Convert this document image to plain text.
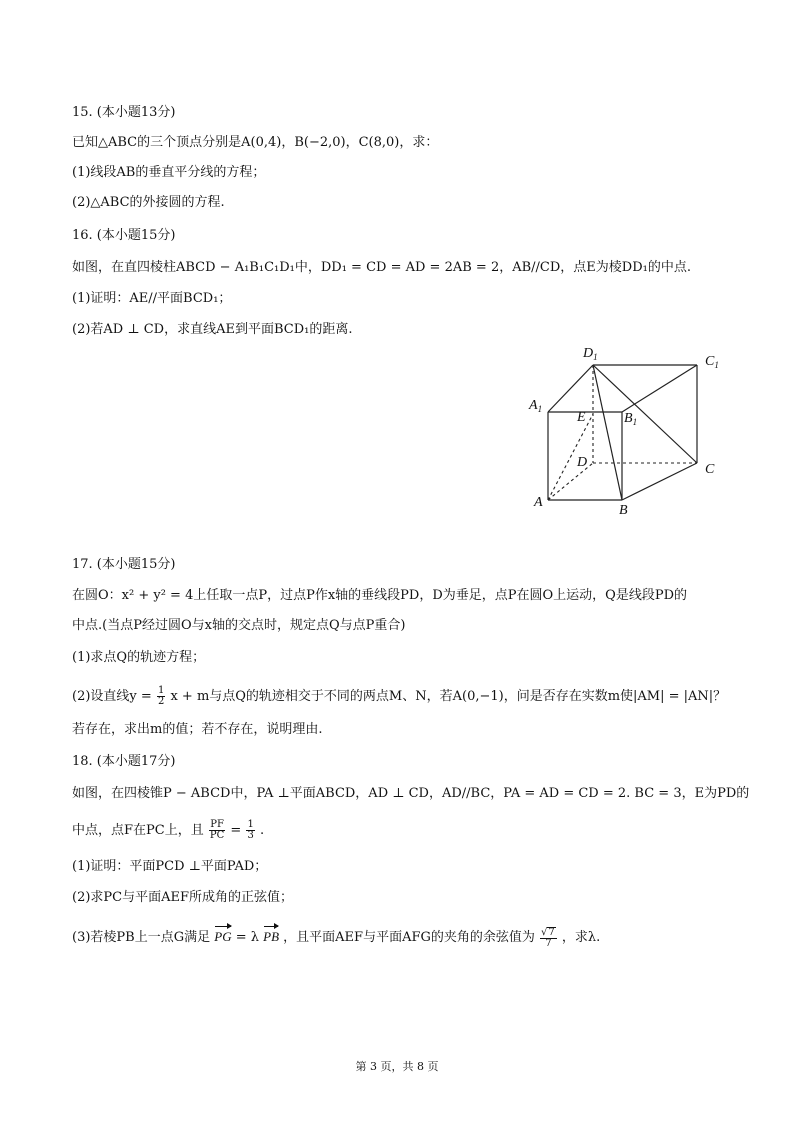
15. (本小题13分)
已知△ABC的三个顶点分别是A(0,4)，B(−2,0)，C(8,0)，求：
(1)线段AB的垂直平分线的方程；
(2)△ABC的外接圆的方程.
16. (本小题15分)
如图，在直四棱柱ABCD − A₁B₁C₁D₁中，DD₁ = CD = AD = 2AB = 2，AB//CD，点E为棱DD₁的中点.
(1)证明：AE//平面BCD₁；
(2)若AD ⊥ CD，求直线AE到平面BCD₁的距离.
$D_1$	$C_1$
$A_1$
$B_1$
E
D	C
A
B
17. (本小题15分)
在圆O：x² + y² = 4上任取一点P，过点P作x轴的垂线段PD，D为垂足，点P在圆O上运动，Q是线段PD的
中点.(当点P经过圆O与x轴的交点时，规定点Q与点P重合)
(1)求点Q的轨迹方程；
(2)设直线$y = \frac{1}{2}$ x + m与点Q的轨迹相交于不同的两点M、N，若A(0,−1)，问是否存在实数m使|AM| = |AN|？
若存在，求出m的值；若不存在，说明理由.
18. (本小题17分)
如图，在四棱锥P − ABCD中，PA ⊥平面ABCD，AD ⊥ CD，AD//BC，PA = AD = CD = 2. BC = 3，E为PD的
中点，点F在PC上，且 $\frac{PF}{PC} = \frac{1}{3}$ .
(1)证明：平面PCD ⊥平面PAD；
(2)求PC与平面AEF所成角的正弦值；
(3)若棱PB上一点G满足 PG = λ PB ，且平面AEF与平面AFG的夹角的余弦值为 $\frac{√7}{7}$ ，求λ.
第 3 页，共 8 页
